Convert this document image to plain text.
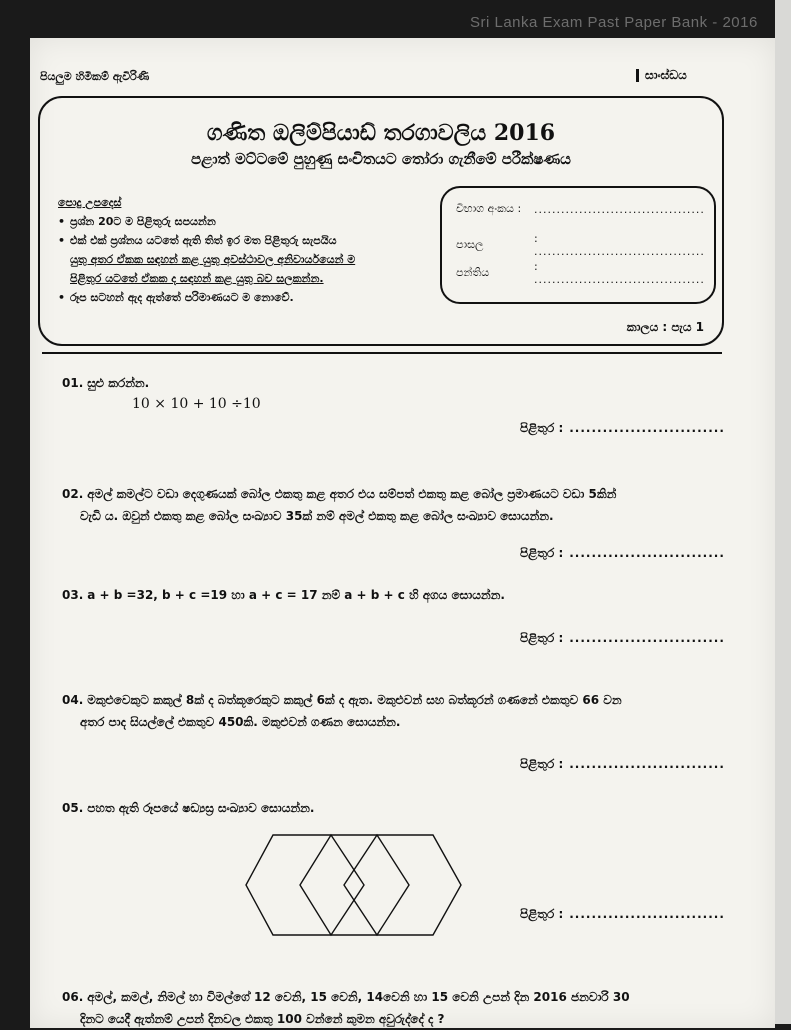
Sri Lanka Exam Past Paper Bank - 2016
පියලුම හිමිකම් ඇවිරිණි	සාංඝ්ඩය
ගණිත ඔලිම්පියාඩ් තරගාවලිය 2016
පළාත් මට්ටමේ පුහුණු සංචිතයට තෝරා ගැනීමේ පරීක්ෂණය
පොදු උපදෙස්
• ප්‍රශ්න 20ට ම පිළිතුරු සපයන්න
• එක් එක් ප්‍රශ්නය යටතේ ඇති තිත් ඉර මත පිළිතුරු සැපයිය
යුතු අතර ඒකක සඳහන් කළ යුතු අවස්ථාවල අනිවාර්යයෙන් ම
පිළිතුර යටතේ ඒකක ද සඳහන් කළ යුතු බව සලකන්න.
• රූප සටහන් ඇද ඇත්තේ පරිමාණයට ම නොවේ.
විභාග අංකය :	......................................
පාසල	: ......................................
පන්තිය	: ......................................
කාලය : පැය 1
01. සුළු කරන්න.
10 × 10 + 10 ÷10
පිළිතුර : ............................
02. අමල් කමල්ට වඩා දෙගුණයක් බෝල එකතු කළ අතර එය සම්පත් එකතු කළ බෝල ප්‍රමාණයට වඩා 5කින්
වැඩි ය. ඔවුන් එකතු කළ බෝල සංඛ්‍යාව 35ක් නම් අමල් එකතු කළ බෝල සංඛ්‍යාව සොයන්න.
පිළිතුර : ............................
03. a + b =32, b + c =19 හා a + c = 17 නම් a + b + c හි අගය සොයන්න.
පිළිතුර : ............................
04. මකුළුවෙකුට කකුල් 8ක් ද බත්කූරෙකුට කකුල් 6ක් ද ඇත. මකුළුවන් සහ බත්කූරන් ගණනේ එකතුව 66 වන
අතර පාද සියල්ලේ එකතුව 450කි. මකුළුවන් ගණන සොයන්න.
පිළිතුර : ............................
05. පහත ඇති රූපයේ ෂඩ්‍යස්‍ර සංඛ්‍යාව සොයන්න.
පිළිතුර : ............................
06. අමල්, කමල්, නිමල් හා විමල්ගේ 12 වෙනි, 15 වෙනි, 14වෙනි හා 15 වෙනි උපන් දින 2016 ජනවාරි 30
දිනට යෙදී ඇත්නම් උපන් දිනවල එකතු 100 වන්නේ කුමන අවුරුද්දේ ද ?
